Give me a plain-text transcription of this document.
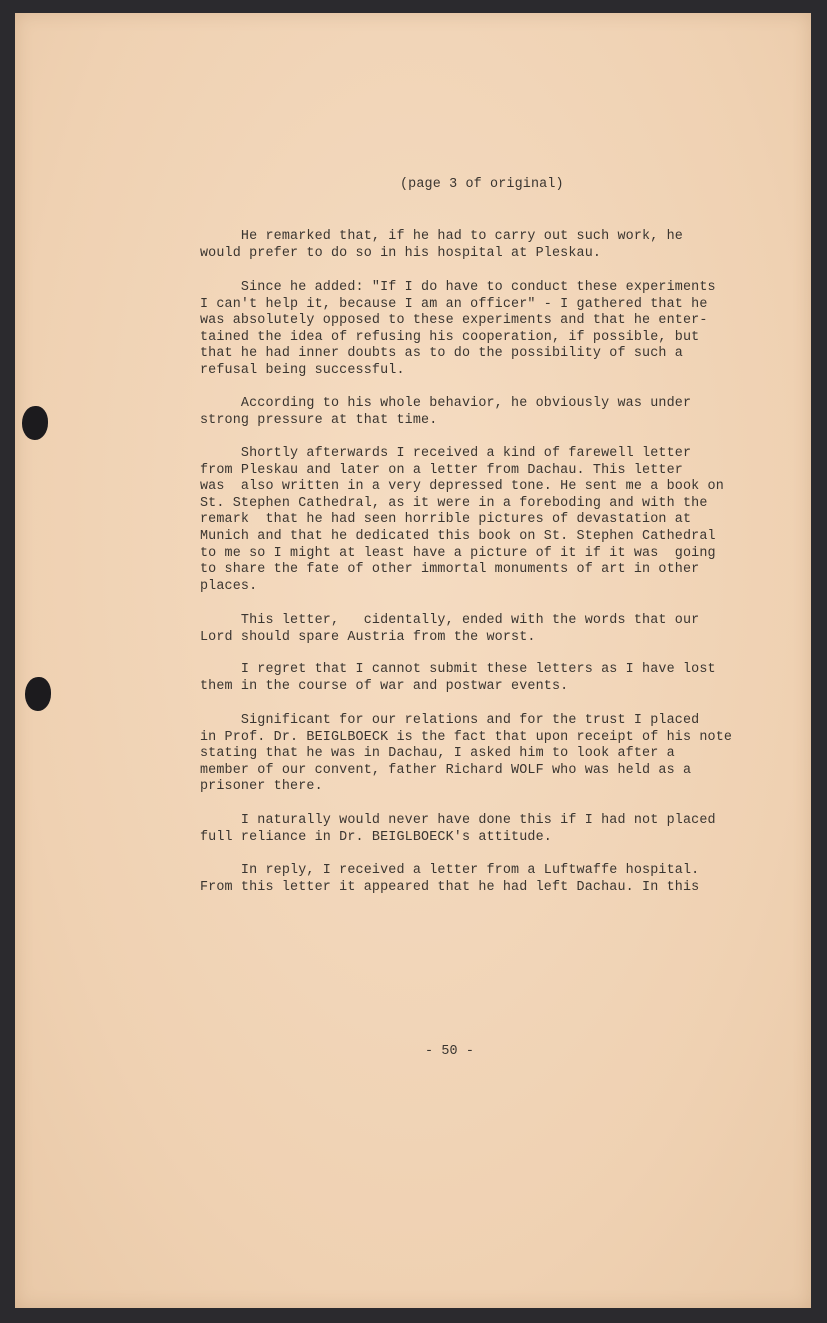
(page 3 of original)
He remarked that, if he had to carry out such work, he
would prefer to do so in his hospital at Pleskau.
Since he added: "If I do have to conduct these experiments
I can't help it, because I am an officer" - I gathered that he
was absolutely opposed to these experiments and that he enter-
tained the idea of refusing his cooperation, if possible, but
that he had inner doubts as to do the possibility of such a
refusal being successful.
According to his whole behavior, he obviously was under
strong pressure at that time.
Shortly afterwards I received a kind of farewell letter
from Pleskau and later on a letter from Dachau. This letter
was  also written in a very depressed tone. He sent me a book on
St. Stephen Cathedral, as it were in a foreboding and with the
remark  that he had seen horrible pictures of devastation at
Munich and that he dedicated this book on St. Stephen Cathedral
to me so I might at least have a picture of it if it was  going
to share the fate of other immortal monuments of art in other
places.
This letter,   cidentally, ended with the words that our
Lord should spare Austria from the worst.
I regret that I cannot submit these letters as I have lost
them in the course of war and postwar events.
Significant for our relations and for the trust I placed
in Prof. Dr. BEIGLBOECK is the fact that upon receipt of his note
stating that he was in Dachau, I asked him to look after a
member of our convent, father Richard WOLF who was held as a
prisoner there.
I naturally would never have done this if I had not placed
full reliance in Dr. BEIGLBOECK's attitude.
In reply, I received a letter from a Luftwaffe hospital.
From this letter it appeared that he had left Dachau. In this
- 50 -
